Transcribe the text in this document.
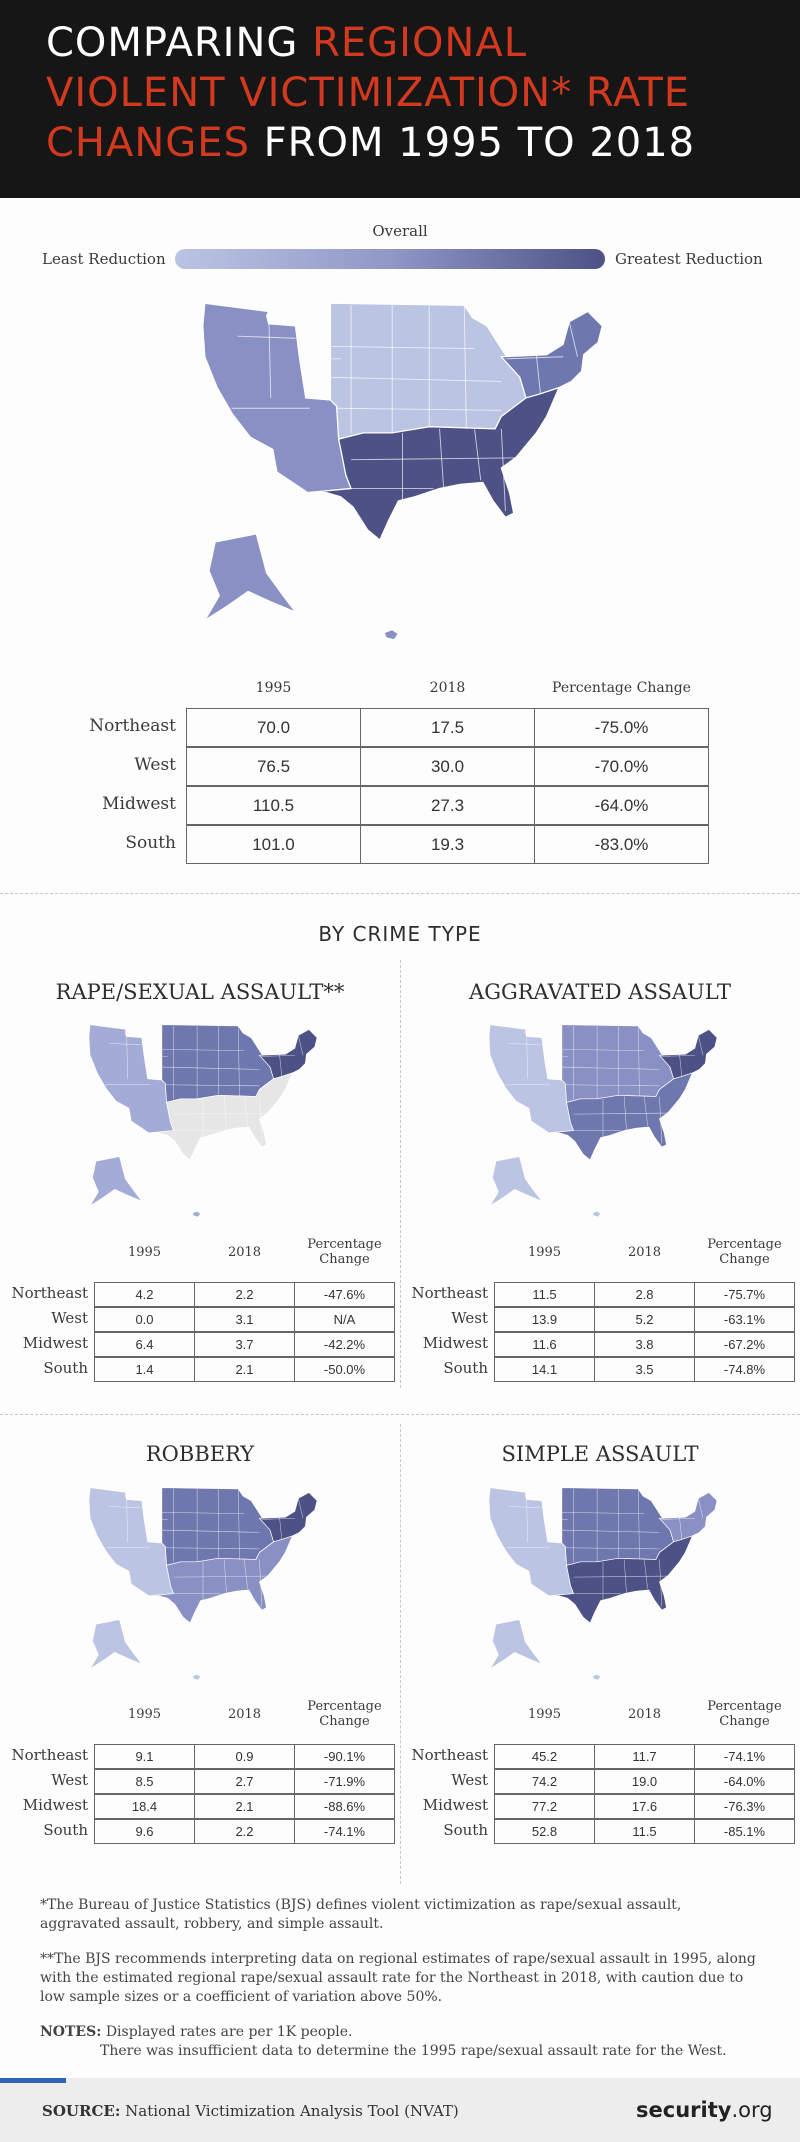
COMPARING REGIONAL
VIOLENT VICTIMIZATION* RATE
CHANGES FROM 1995 TO 2018
Overall
Least Reduction	Greatest Reduction
1995	2018	Percentage Change
Northeast	70.0	17.5	-75.0%
West	76.5	30.0	-70.0%
Midwest	110.5	27.3	-64.0%
South	101.0	19.3	-83.0%
1995	2018	Percentage
Change
Northeast	4.2	2.2	-47.6%
West	0.0	3.1	N/A
Midwest	6.4	3.7	-42.2%
South	1.4	2.1	-50.0%
1995	2018	Percentage
Change
Northeast	11.5	2.8	-75.7%
West	13.9	5.2	-63.1%
Midwest	11.6	3.8	-67.2%
South	14.1	3.5	-74.8%
1995	2018	Percentage
Change
Northeast	9.1	0.9	-90.1%
West	8.5	2.7	-71.9%
Midwest	18.4	2.1	-88.6%
South	9.6	2.2	-74.1%
1995	2018	Percentage
Change
Northeast	45.2	11.7	-74.1%
West	74.2	19.0	-64.0%
Midwest	77.2	17.6	-76.3%
South	52.8	11.5	-85.1%
BY CRIME TYPE
RAPE/SEXUAL ASSAULT**	AGGRAVATED ASSAULT
ROBBERY	SIMPLE ASSAULT
*The Bureau of Justice Statistics (BJS) defines violent victimization as rape/sexual assault, aggravated assault, robbery, and simple assault.
**The BJS recommends interpreting data on regional estimates of rape/sexual assault in 1995, along with the estimated regional rape/sexual assault rate for the Northeast in 2018, with caution due to low sample sizes or a coefficient of variation above 50%.
NOTES: Displayed rates are per 1K people.
There was insufficient data to determine the 1995 rape/sexual assault rate for the West.
SOURCE: National Victimization Analysis Tool (NVAT)	security.org
